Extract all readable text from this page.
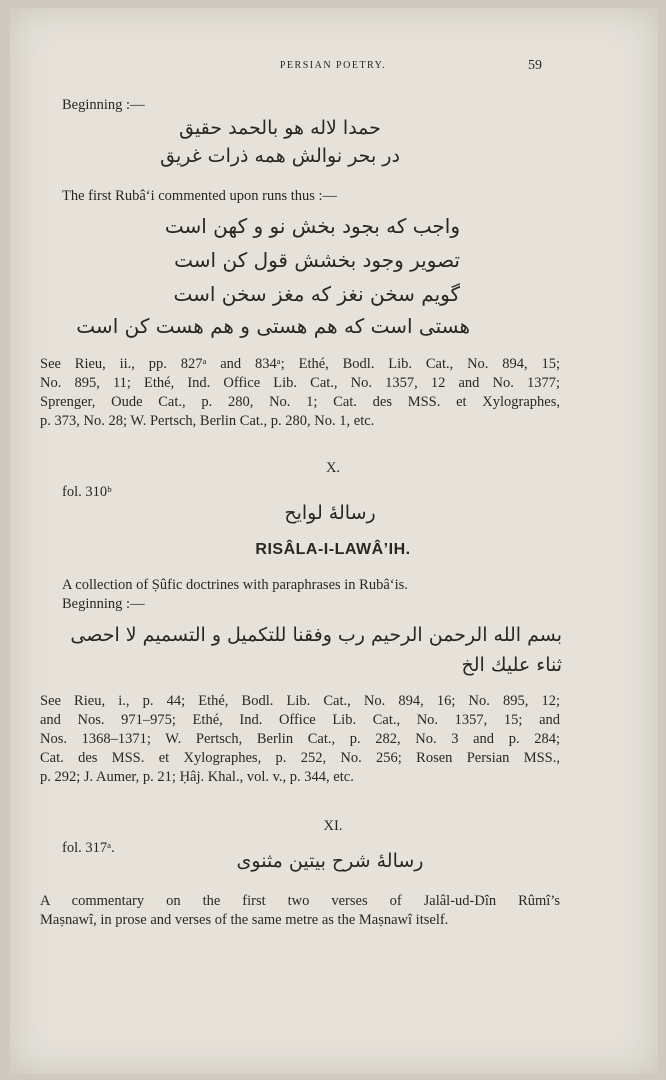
PERSIAN POETRY.	59
Beginning :—
حمدا لاله هو بالحمد حقیق
در بحر نوالش همه ذرات غریق
The first Rubâ‘i commented upon runs thus :—
واجب که بجود بخش نو و کهن است
تصویر وجود بخشش قول کن است
گویم سخن نغز که مغز سخن است
هستی است که هم هستی و هم هست کن است
See Rieu, ii., pp. 827ᵃ and 834ᵃ; Ethé, Bodl. Lib. Cat., No. 894, 15;
No. 895, 11; Ethé, Ind. Office Lib. Cat., No. 1357, 12 and No. 1377;
Sprenger, Oude Cat., p. 280, No. 1; Cat. des MSS. et Xylographes,
p. 373, No. 28; W. Pertsch, Berlin Cat., p. 280, No. 1, etc.
X.
fol. 310ᵇ
رسالهٔ لوایح
RISÂLA-I-LAWÂ’IH.
A collection of Ṣûfic doctrines with paraphrases in Rubâ‘is.
Beginning :—
بسم الله الرحمن الرحیم رب وفقنا للتکمیل و التسمیم لا احصی
ثناء علیك الخ
See Rieu, i., p. 44; Ethé, Bodl. Lib. Cat., No. 894, 16; No. 895, 12;
and Nos. 971–975; Ethé, Ind. Office Lib. Cat., No. 1357, 15; and
Nos. 1368–1371; W. Pertsch, Berlin Cat., p. 282, No. 3 and p. 284;
Cat. des MSS. et Xylographes, p. 252, No. 256; Rosen Persian MSS.,
p. 292; J. Aumer, p. 21; Ḥâj. Khal., vol. v., p. 344, etc.
XI.
fol. 317ᵃ.
رسالهٔ شرح بیتین مثنوی
A commentary on the first two verses of Jalâl-ud-Dîn Rûmî’s
Maṣnawî, in prose and verses of the same metre as the Maṣnawî itself.
